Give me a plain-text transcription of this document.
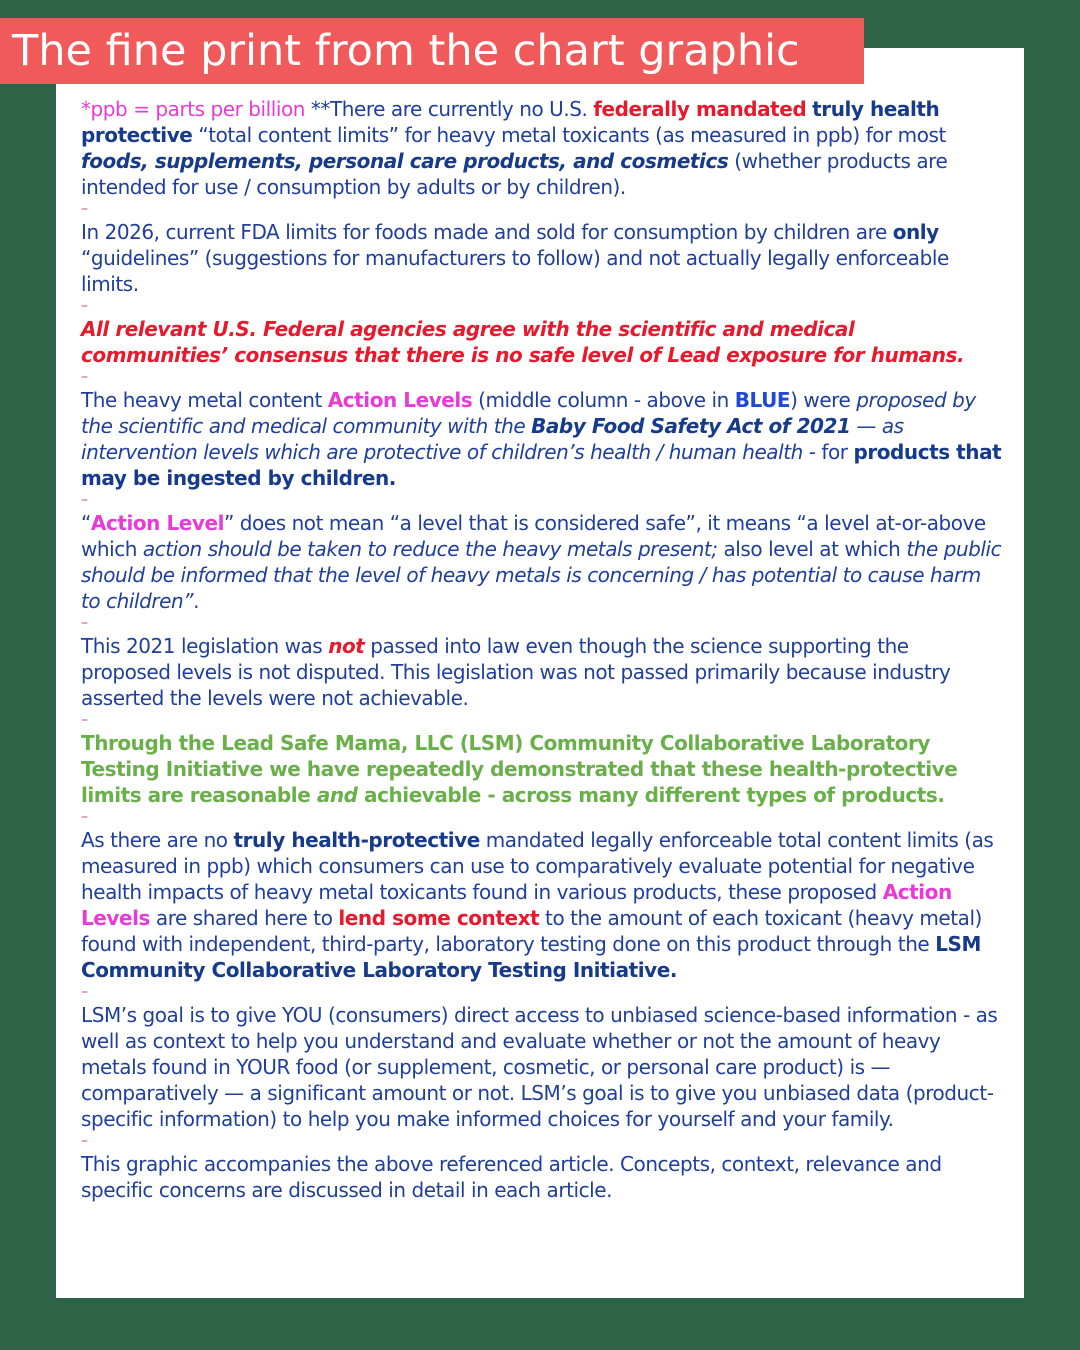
The fine print from the chart graphic

*ppb = parts per billion **There are currently no U.S. federally mandated truly health protective “total content limits” for heavy metal toxicants (as measured in ppb) for most foods, supplements, personal care products, and cosmetics (whether products are intended for use / consumption by adults or by children).

–

In 2026, current FDA limits for foods made and sold for consumption by children are only “guidelines” (suggestions for manufacturers to follow) and not actually legally enforceable limits.

–

All relevant U.S. Federal agencies agree with the scientific and medical communities’ consensus that there is no safe level of Lead exposure for humans.

–

The heavy metal content Action Levels (middle column - above in BLUE) were proposed by the scientific and medical community with the Baby Food Safety Act of 2021 — as intervention levels which are protective of children’s health / human health - for products that may be ingested by children.

–

“Action Level” does not mean “a level that is considered safe”, it means “a level at-or-above which action should be taken to reduce the heavy metals present; also level at which the public should be informed that the level of heavy metals is concerning / has potential to cause harm to children”.

–

This 2021 legislation was not passed into law even though the science supporting the proposed levels is not disputed. This legislation was not passed primarily because industry asserted the levels were not achievable.

–

Through the Lead Safe Mama, LLC (LSM) Community Collaborative Laboratory Testing Initiative we have repeatedly demonstrated that these health-protective limits are reasonable and achievable - across many different types of products.

–

As there are no truly health-protective mandated legally enforceable total content limits (as measured in ppb) which consumers can use to comparatively evaluate potential for negative health impacts of heavy metal toxicants found in various products, these proposed Action Levels are shared here to lend some context to the amount of each toxicant (heavy metal) found with independent, third-party, laboratory testing done on this product through the LSM Community Collaborative Laboratory Testing Initiative.

–

LSM’s goal is to give YOU (consumers) direct access to unbiased science-based information - as well as context to help you understand and evaluate whether or not the amount of heavy metals found in YOUR food (or supplement, cosmetic, or personal care product) is — comparatively — a significant amount or not. LSM’s goal is to give you unbiased data (product-specific information) to help you make informed choices for yourself and your family.

–

This graphic accompanies the above referenced article. Concepts, context, relevance and specific concerns are discussed in detail in each article.
